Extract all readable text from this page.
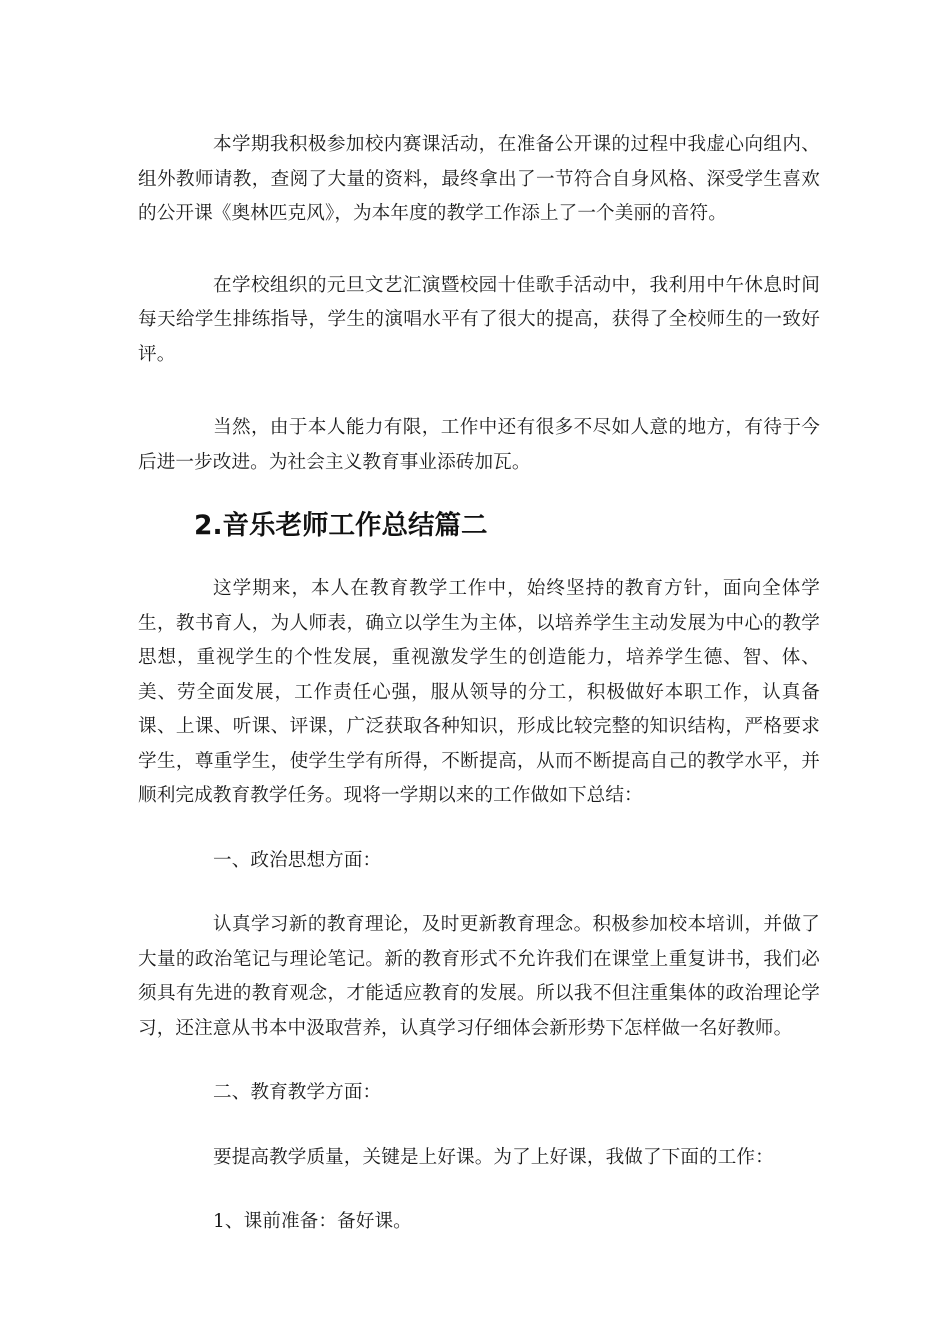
本学期我积极参加校内赛课活动，在准备公开课的过程中我虚心向组内、组外教师请教，查阅了大量的资料，最终拿出了一节符合自身风格、深受学生喜欢的公开课《奥林匹克风》，为本年度的教学工作添上了一个美丽的音符。

在学校组织的元旦文艺汇演暨校园十佳歌手活动中，我利用中午休息时间每天给学生排练指导，学生的演唱水平有了很大的提高，获得了全校师生的一致好评。

当然，由于本人能力有限，工作中还有很多不尽如人意的地方，有待于今后进一步改进。为社会主义教育事业添砖加瓦。

2.音乐老师工作总结篇二

这学期来，本人在教育教学工作中，始终坚持的教育方针，面向全体学生，教书育人，为人师表，确立以学生为主体，以培养学生主动发展为中心的教学思想，重视学生的个性发展，重视激发学生的创造能力，培养学生德、智、体、美、劳全面发展，工作责任心强，服从领导的分工，积极做好本职工作，认真备课、上课、听课、评课，广泛获取各种知识，形成比较完整的知识结构，严格要求学生，尊重学生，使学生学有所得，不断提高，从而不断提高自己的教学水平，并顺利完成教育教学任务。现将一学期以来的工作做如下总结：

一、政治思想方面：

认真学习新的教育理论，及时更新教育理念。积极参加校本培训，并做了大量的政治笔记与理论笔记。新的教育形式不允许我们在课堂上重复讲书，我们必须具有先进的教育观念，才能适应教育的发展。所以我不但注重集体的政治理论学习，还注意从书本中汲取营养，认真学习仔细体会新形势下怎样做一名好教师。

二、教育教学方面：

要提高教学质量，关键是上好课。为了上好课，我做了下面的工作：

1、课前准备：备好课。
